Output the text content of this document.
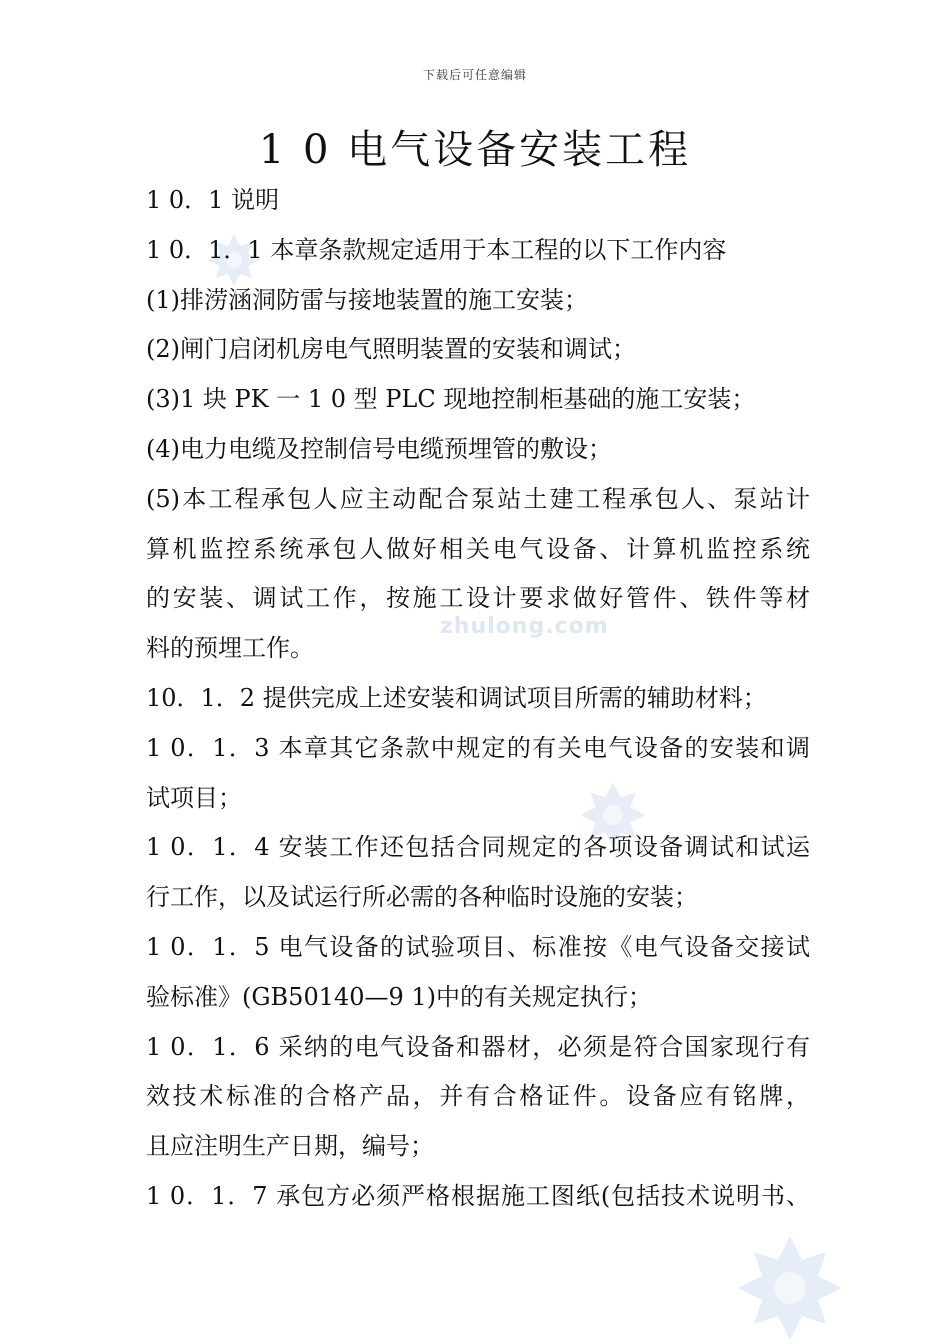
下载后可任意编辑
1 0 电气设备安装工程
zhulong.com
1 0．1 说明
1 0．1．1 本章条款规定适用于本工程的以下工作内容
(1)排涝涵洞防雷与接地装置的施工安装；
(2)闸门启闭机房电气照明装置的安装和调试；
(3)1 块 PK 一 1 0 型 PLC 现地控制柜基础的施工安装；
(4)电力电缆及控制信号电缆预埋管的敷设；
(5)本工程承包人应主动配合泵站土建工程承包人、泵站计
算机监控系统承包人做好相关电气设备、计算机监控系统
的安装、调试工作，按施工设计要求做好管件、铁件等材
料的预埋工作。
10．1．2 提供完成上述安装和调试项目所需的辅助材料；
1 0．1．3 本章其它条款中规定的有关电气设备的安装和调
试项目；
1 0．1．4 安装工作还包括合同规定的各项设备调试和试运
行工作，以及试运行所必需的各种临时设施的安装；
1 0．1．5 电气设备的试验项目、标准按《电气设备交接试
验标准》(GB50140—9 1)中的有关规定执行；
1 0．1．6 采纳的电气设备和器材，必须是符合国家现行有
效技术标准的合格产品，并有合格证件。设备应有铭牌，
且应注明生产日期，编号；
1 0．1．7 承包方必须严格根据施工图纸(包括技术说明书、
